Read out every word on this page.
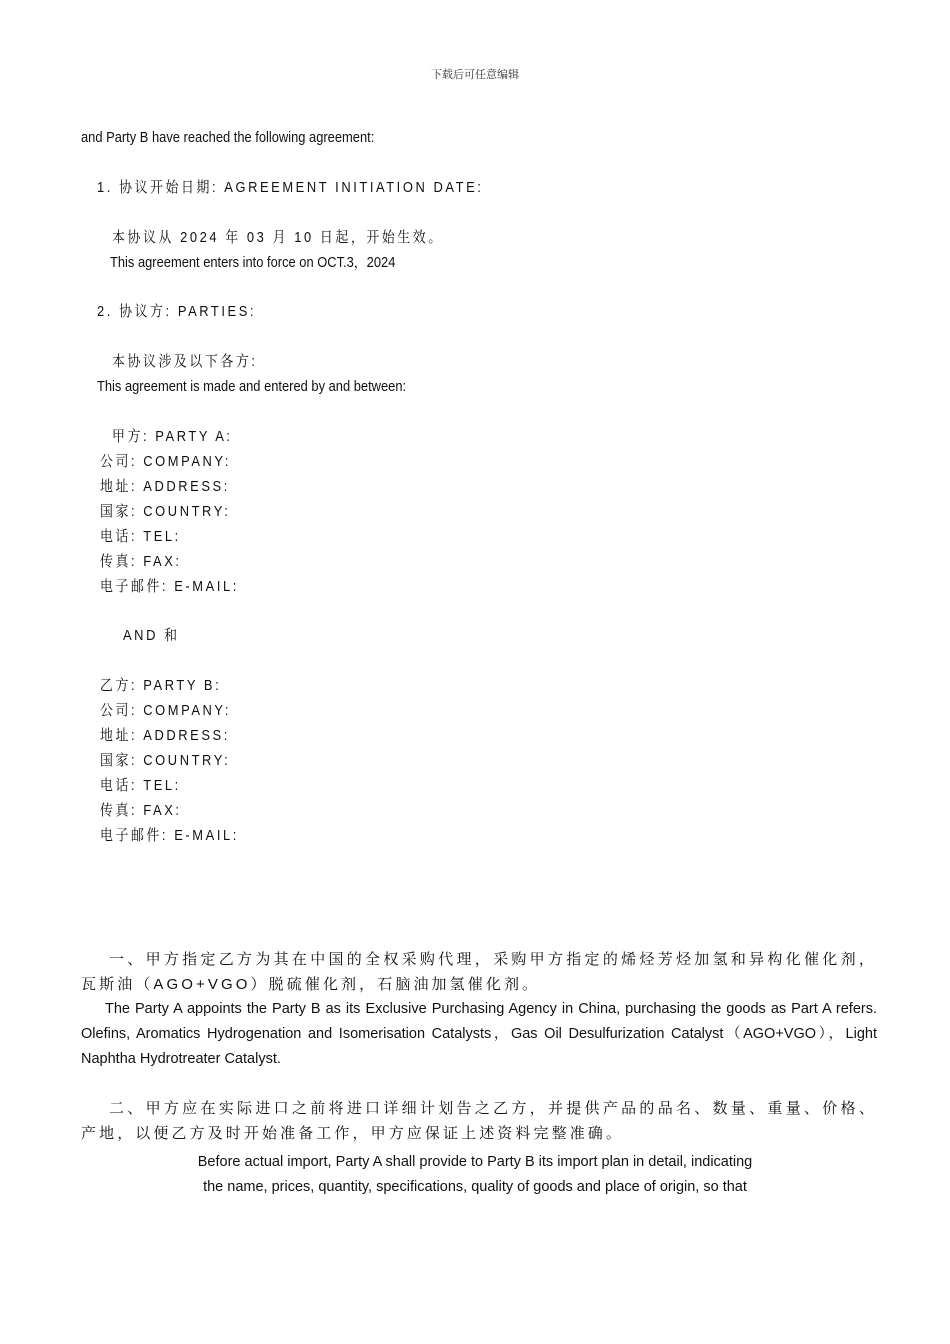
下载后可任意编辑
and Party B have reached the following agreement:
1. 协议开始日期: AGREEMENT INITIATION DATE:
本协议从 2024 年 03 月 10 日起，开始生效。
This agreement enters into force on OCT.3，2024
2. 协议方: PARTIES:
本协议涉及以下各方:
This agreement is made and entered by and between:
甲方: PARTY A:
公司: COMPANY:
地址: ADDRESS:
国家: COUNTRY:
电话: TEL:
传真: FAX:
电子邮件: E-MAIL:
AND 和
乙方: PARTY B:
公司: COMPANY:
地址: ADDRESS:
国家: COUNTRY:
电话: TEL:
传真: FAX:
电子邮件: E-MAIL:
一、甲方指定乙方为其在中国的全权采购代理，采购甲方指定的烯烃芳烃加氢和异构化催化剂，瓦斯油（AGO+VGO）脱硫催化剂，石脑油加氢催化剂。
The Party A appoints the Party B as its Exclusive Purchasing Agency in China, purchasing the goods as Part A refers. Olefins, Aromatics Hydrogenation and Isomerisation Catalysts，Gas Oil Desulfurization Catalyst（AGO+VGO），Light Naphtha Hydrotreater Catalyst.
二、甲方应在实际进口之前将进口详细计划告之乙方，并提供产品的品名、数量、重量、价格、产地，以便乙方及时开始准备工作，甲方应保证上述资料完整准确。
Before actual import, Party A shall provide to Party B its import plan in detail, indicating
the name, prices, quantity, specifications, quality of goods and place of origin, so that
